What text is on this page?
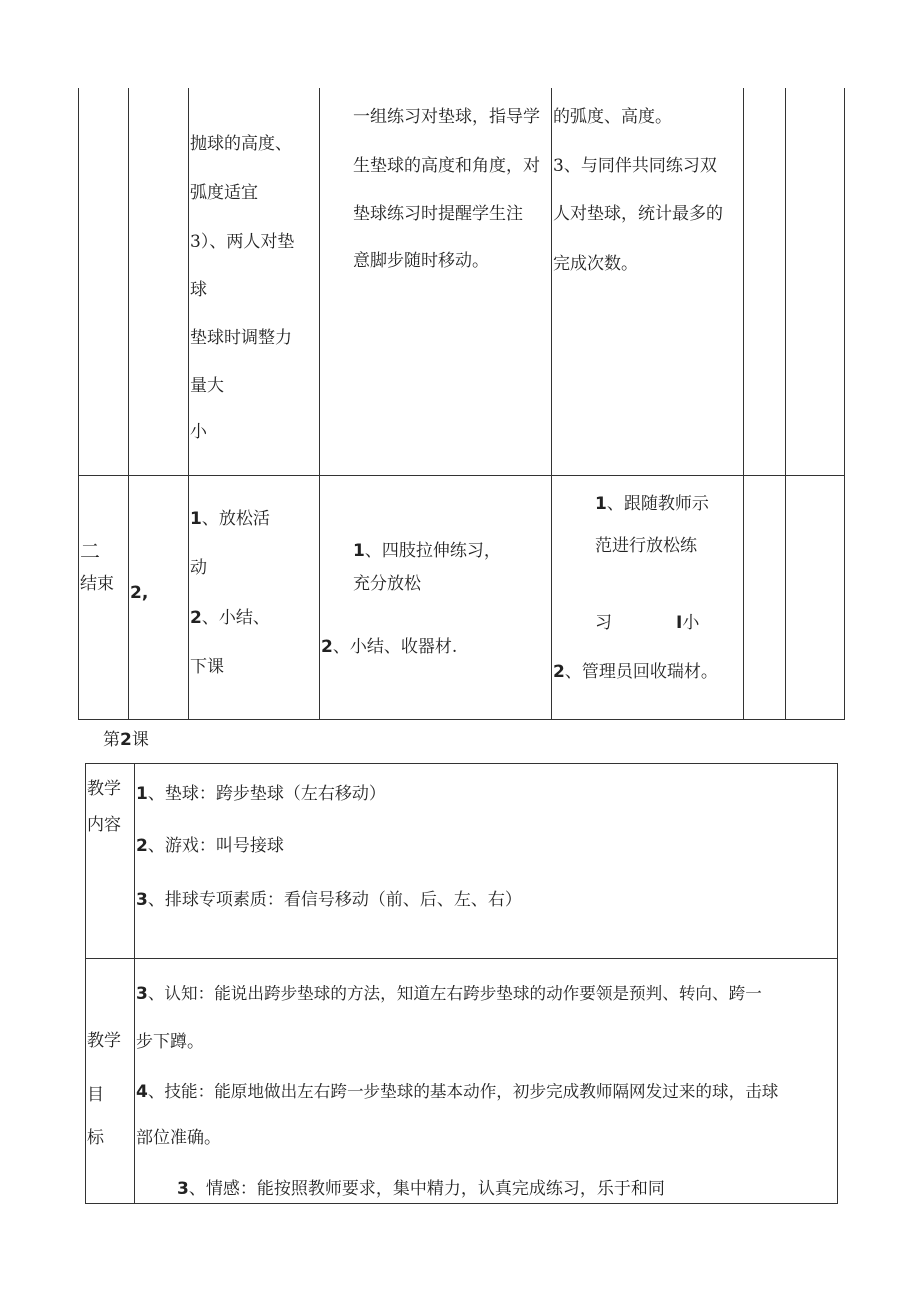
抛球的高度、
弧度适宜
3）、两人对垫
球
垫球时调整力
量大
小
一组练习对垫球，指导学
生垫球的高度和角度，对
垫球练习时提醒学生注
意脚步随时移动。
的弧度、高度。
3、与同伴共同练习双
人对垫球，统计最多的
完成次数。
二
结束 2,
1、放松活
动
2、小结、
下课
1、四肢拉伸练习，
充分放松
2、小结、收器材.
1、跟随教师示
范进行放松练
习	I小
2、管理员回收瑞材。
第2课
教学
内容
1、垫球：跨步垫球（左右移动）
2、游戏：叫号接球
3、排球专项素质：看信号移动（前、后、左、右）
教学
目
标
3、认知：能说出跨步垫球的方法，知道左右跨步垫球的动作要领是预判、转向、跨一
步下蹲。
4、技能：能原地做出左右跨一步垫球的基本动作，初步完成教师隔网发过来的球，击球
部位准确。
3、情感：能按照教师要求，集中精力，认真完成练习，乐于和同
